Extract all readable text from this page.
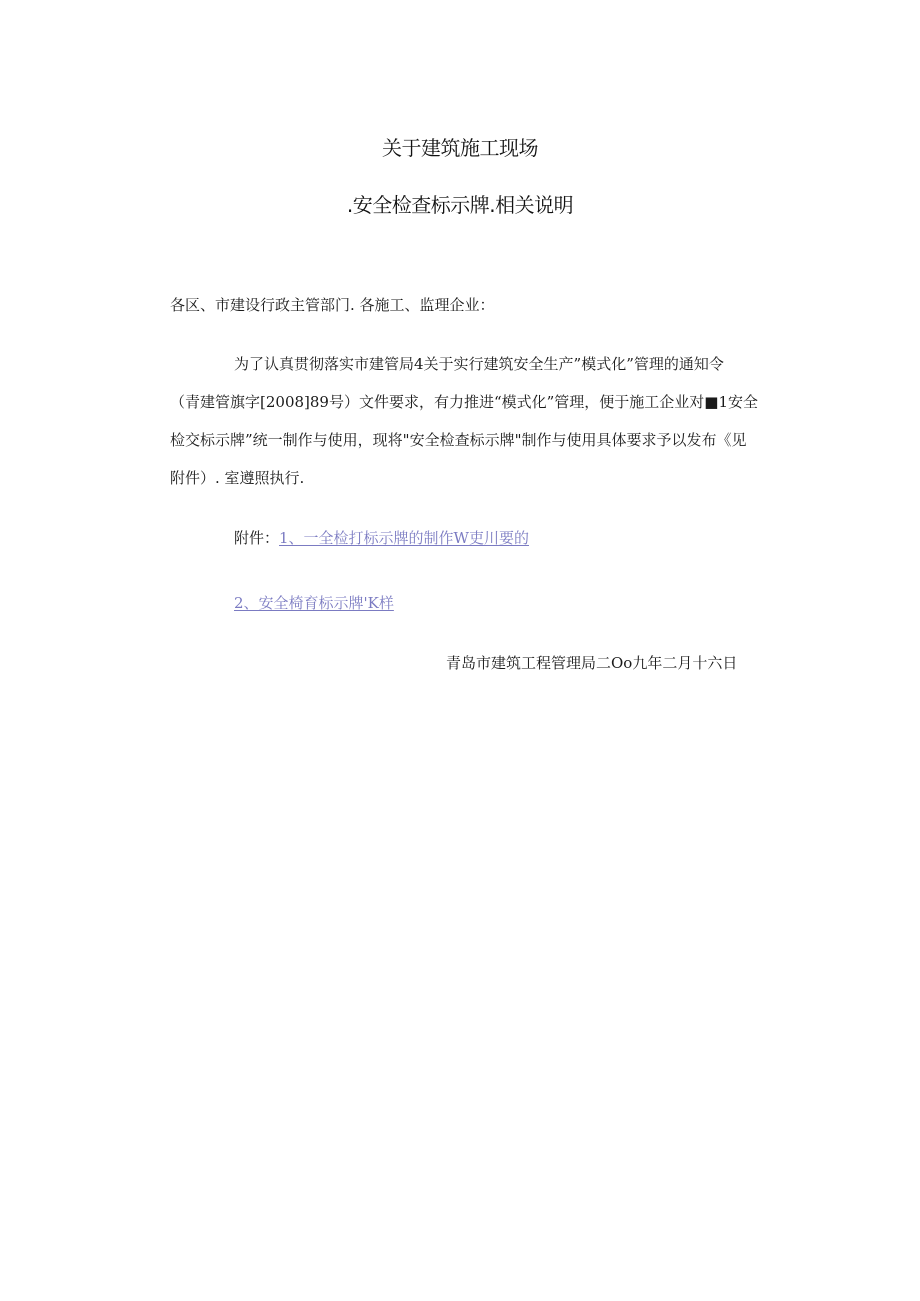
关于建筑施工现场
.安全检查标示牌.相关说明
各区、市建设行政主管部门. 各施工、监理企业：
为了认真贯彻落实市建管局4关于实行建筑安全生产”模式化”管理的通知令
（青建管旗字[2008]89号）文件要求，有力推进“模式化”管理，便于施工企业对■1安全
检交标示牌”统一制作与使用，现将"安全检查标示牌"制作与使用具体要求予以发布《见
附件）. 室遵照执行.
附件：1、一全检打标示牌的制作W吏川要的
2、安全椅育标示牌'K样
青岛市建筑工程管理局二Oo九年二月十六日
